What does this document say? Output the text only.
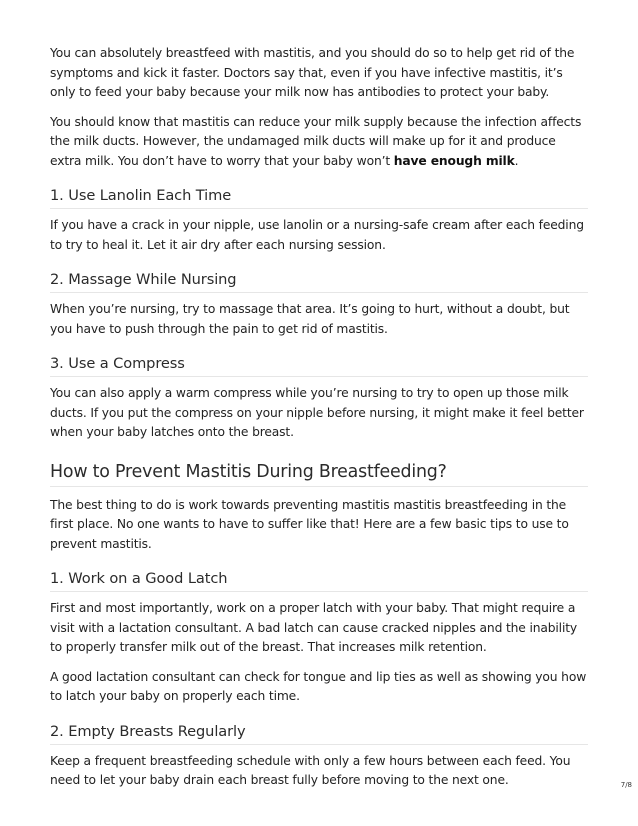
You can absolutely breastfeed with mastitis, and you should do so to help get rid of the symptoms and kick it faster. Doctors say that, even if you have infective mastitis, it’s only to feed your baby because your milk now has antibodies to protect your baby.

You should know that mastitis can reduce your milk supply because the infection affects the milk ducts. However, the undamaged milk ducts will make up for it and produce extra milk. You don’t have to worry that your baby won’t have enough milk.

1. Use Lanolin Each Time

If you have a crack in your nipple, use lanolin or a nursing-safe cream after each feeding to try to heal it. Let it air dry after each nursing session.

2. Massage While Nursing

When you’re nursing, try to massage that area. It’s going to hurt, without a doubt, but you have to push through the pain to get rid of mastitis.

3. Use a Compress

You can also apply a warm compress while you’re nursing to try to open up those milk ducts. If you put the compress on your nipple before nursing, it might make it feel better when your baby latches onto the breast.

How to Prevent Mastitis During Breastfeeding?

The best thing to do is work towards preventing mastitis mastitis breastfeeding in the first place. No one wants to have to suffer like that! Here are a few basic tips to use to prevent mastitis.

1. Work on a Good Latch

First and most importantly, work on a proper latch with your baby. That might require a visit with a lactation consultant. A bad latch can cause cracked nipples and the inability to properly transfer milk out of the breast. That increases milk retention.

A good lactation consultant can check for tongue and lip ties as well as showing you how to latch your baby on properly each time.

2. Empty Breasts Regularly

Keep a frequent breastfeeding schedule with only a few hours between each feed. You need to let your baby drain each breast fully before moving to the next one.	7/8
